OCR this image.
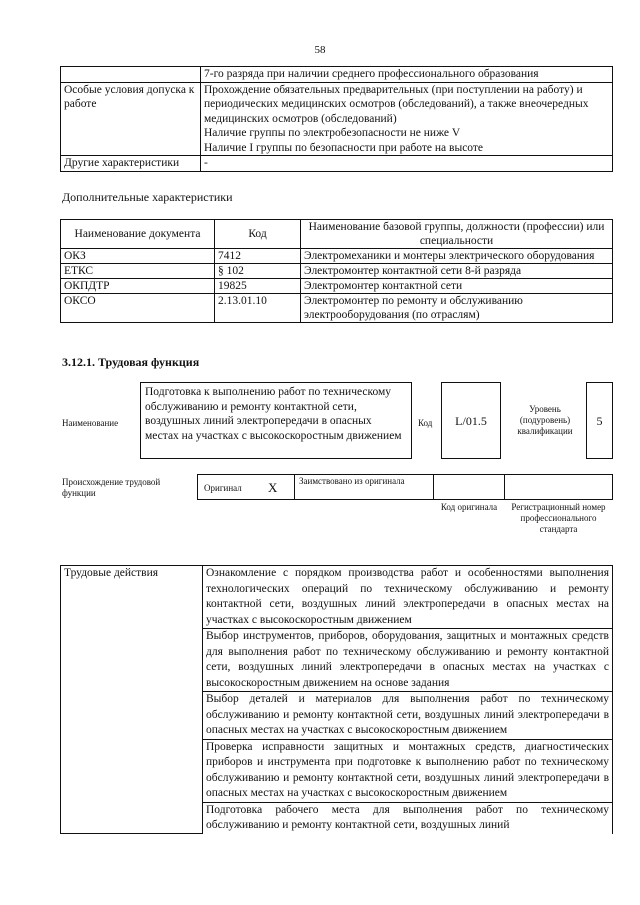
58

	7-го разряда при наличии среднего профессионального образования

Особые условия допуска к работе	Прохождение обязательных предварительных (при поступлении на работу) и периодических медицинских осмотров (обследований), а также внеочередных медицинских осмотров (обследований)
Наличие группы по электробезопасности не ниже V
Наличие I группы по безопасности при работе на высоте

Другие характеристики	-
Дополнительные характеристики
Наименование документа	Код	Наименование базовой группы, должности (профессии) или специальности
ОКЗ	7412	Электромеханики и монтеры электрического оборудования
ЕТКС	§ 102	Электромонтер контактной сети 8-й разряда
ОКПДТР	19825	Электромонтер контактной сети
ОКСО	2.13.01.10	Электромонтер по ремонту и обслуживанию электрооборудования (по отраслям)
3.12.1. Трудовая функция
Наименование
Подготовка к выполнению работ по техническому обслуживанию и ремонту контактной сети, воздушных линий электропередачи в опасных местах на участках с высокоскоростным движением
Код	L/01.5
Уровень (подуровень) квалификации
5
Происхождение трудовой функции	Оригинал X Заимствовано из оригинала
Код оригинала	Регистрационный номер профессионального стандарта
Трудовые действия	Ознакомление с порядком производства работ и особенностями выполнения технологических операций по техническому обслуживанию и ремонту контактной сети, воздушных линий электропередачи в опасных местах на участках с высокоскоростным движением
Выбор инструментов, приборов, оборудования, защитных и монтажных средств для выполнения работ по техническому обслуживанию и ремонту контактной сети, воздушных линий электропередачи в опасных местах на участках с высокоскоростным движением на основе задания
Выбор деталей и материалов для выполнения работ по техническому обслуживанию и ремонту контактной сети, воздушных линий электропередачи в опасных местах на участках с высокоскоростным движением
Проверка исправности защитных и монтажных средств, диагностических приборов и инструмента при подготовке к выполнению работ по техническому обслуживанию и ремонту контактной сети, воздушных линий электропередачи в опасных местах на участках с высокоскоростным движением
Подготовка рабочего места для выполнения работ по техническому обслуживанию и ремонту контактной сети, воздушных линий
